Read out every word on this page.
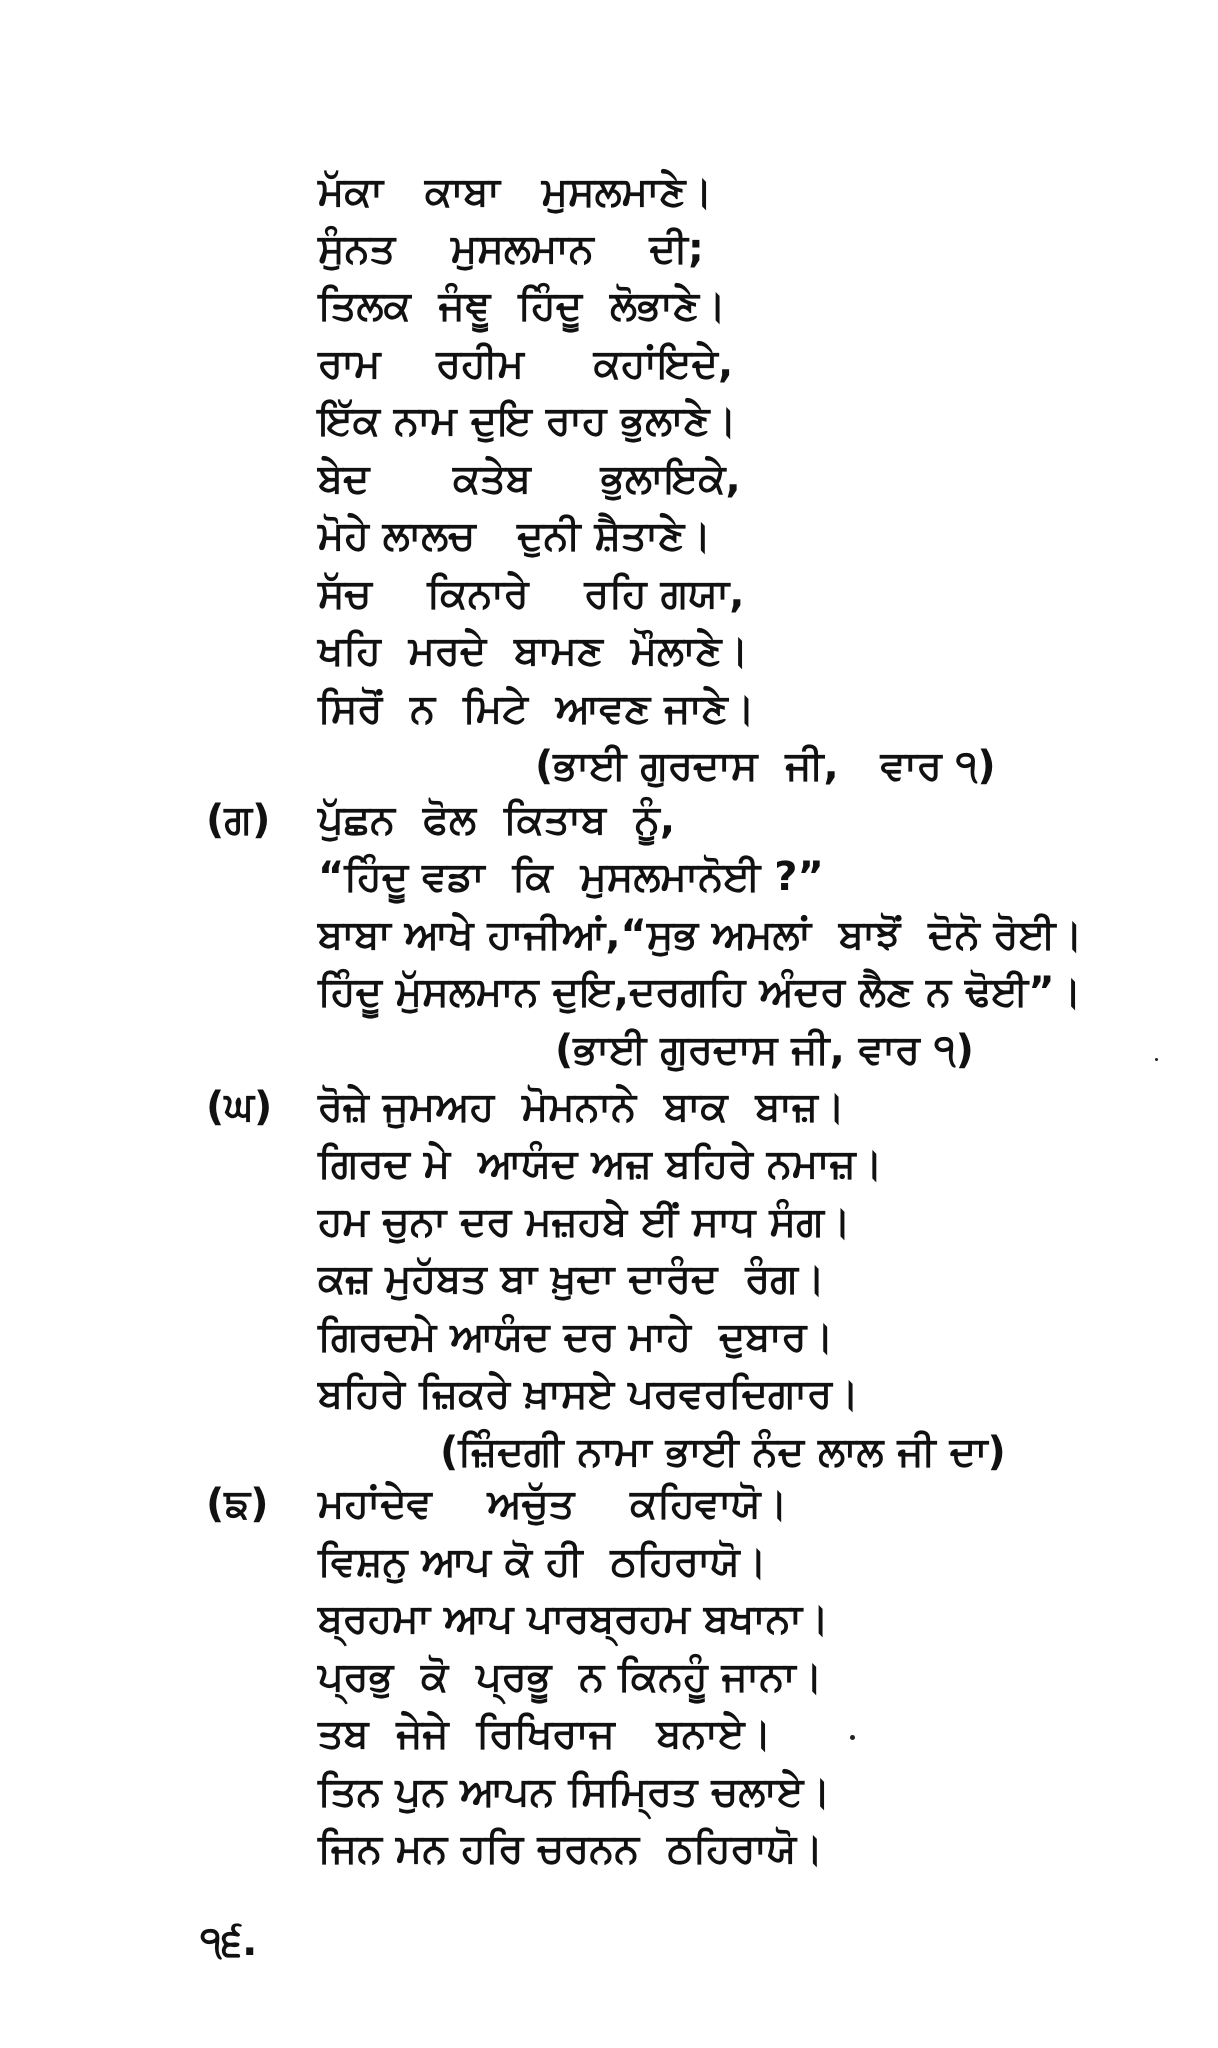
ਮੱਕਾ   ਕਾਬਾ   ਮੁਸਲਮਾਣੇ।
ਸੁੰਨਤ    ਮੁਸਲਮਾਨ    ਦੀ;
ਤਿਲਕ  ਜੰਞੂ  ਹਿੰਦੂ  ਲੋਭਾਣੇ।
ਰਾਮ    ਰਹੀਮ     ਕਹਾਂਇਦੇ,
ਇੱਕ ਨਾਮ ਦੁਇ ਰਾਹ ਭੁਲਾਣੇ।
ਬੇਦ      ਕਤੇਬ     ਭੁਲਾਇਕੇ,
ਮੋਹੇ ਲਾਲਚ   ਦੁਨੀ ਸ਼ੈਤਾਣੇ।
ਸੱਚ    ਕਿਨਾਰੇ    ਰਹਿ ਗਯਾ,
ਖਹਿ  ਮਰਦੇ  ਬਾਮਣ  ਮੌਲਾਣੇ।
ਸਿਰੋਂ  ਨ  ਮਿਟੇ  ਆਵਣ ਜਾਣੇ।
(ਭਾਈ ਗੁਰਦਾਸ  ਜੀ,   ਵਾਰ ੧)
(ਗ) ਪੁੱਛਨ  ਫੋਲ  ਕਿਤਾਬ  ਨੂੰ,
“ਹਿੰਦੂ ਵਡਾ  ਕਿ  ਮੁਸਲਮਾਨੋਈ ?”
ਬਾਬਾ ਆਖੇ ਹਾਜੀਆਂ,“ਸੁਭ ਅਮਲਾਂ  ਬਾਝੋਂ  ਦੋਨੋ ਰੋਈ।
ਹਿੰਦੂ ਮੁੱਸਲਮਾਨ ਦੁਇ,ਦਰਗਹਿ ਅੰਦਰ ਲੈਣ ਨ ਢੋਈ”।
(ਭਾਈ ਗੁਰਦਾਸ ਜੀ, ਵਾਰ ੧)
(ਘ) ਰੋਜ਼ੇ ਜੁਮਅਹ  ਮੋਮਨਾਨੇ  ਬਾਕ  ਬਾਜ਼।
ਗਿਰਦ ਮੇ  ਆਯੰਦ ਅਜ਼ ਬਹਿਰੇ ਨਮਾਜ਼।
ਹਮ ਚੁਨਾ ਦਰ ਮਜ਼ਹਬੇ ਈਂ ਸਾਧ ਸੰਗ।
ਕਜ਼ ਮੁਹੱਬਤ ਬਾ ਖ਼ੁਦਾ ਦਾਰੰਦ  ਰੰਗ।
ਗਿਰਦਮੇ ਆਯੰਦ ਦਰ ਮਾਹੇ  ਦੁਬਾਰ।
ਬਹਿਰੇ ਜ਼ਿਕਰੇ ਖ਼ਾਸਏ ਪਰਵਰਦਿਗਾਰ।
(ਜ਼ਿੰਦਗੀ ਨਾਮਾ ਭਾਈ ਨੰਦ ਲਾਲ ਜੀ ਦਾ)
(ਙ) ਮਹਾਂਦੇਵ    ਅਚੁੱਤ    ਕਹਿਵਾਯੋ।
ਵਿਸ਼ਨੁ ਆਪ ਕੋ ਹੀ  ਠਹਿਰਾਯੋ।
ਬ੍ਰਹਮਾ ਆਪ ਪਾਰਬ੍ਰਹਮ ਬਖਾਨਾ।
ਪ੍ਰਭੁ  ਕੋ  ਪ੍ਰਭੂ  ਨ ਕਿਨਹੂੰ ਜਾਨਾ।
ਤਬ  ਜੇਜੇ  ਰਿਖਿਰਾਜ   ਬਨਾਏ।
ਤਿਨ ਪੁਨ ਆਪਨ ਸਿਮ੍ਰਿਤ ਚਲਾਏ।
ਜਿਨ ਮਨ ਹਰਿ ਚਰਨਨ  ਠਹਿਰਾਯੋ।
੧੬.
